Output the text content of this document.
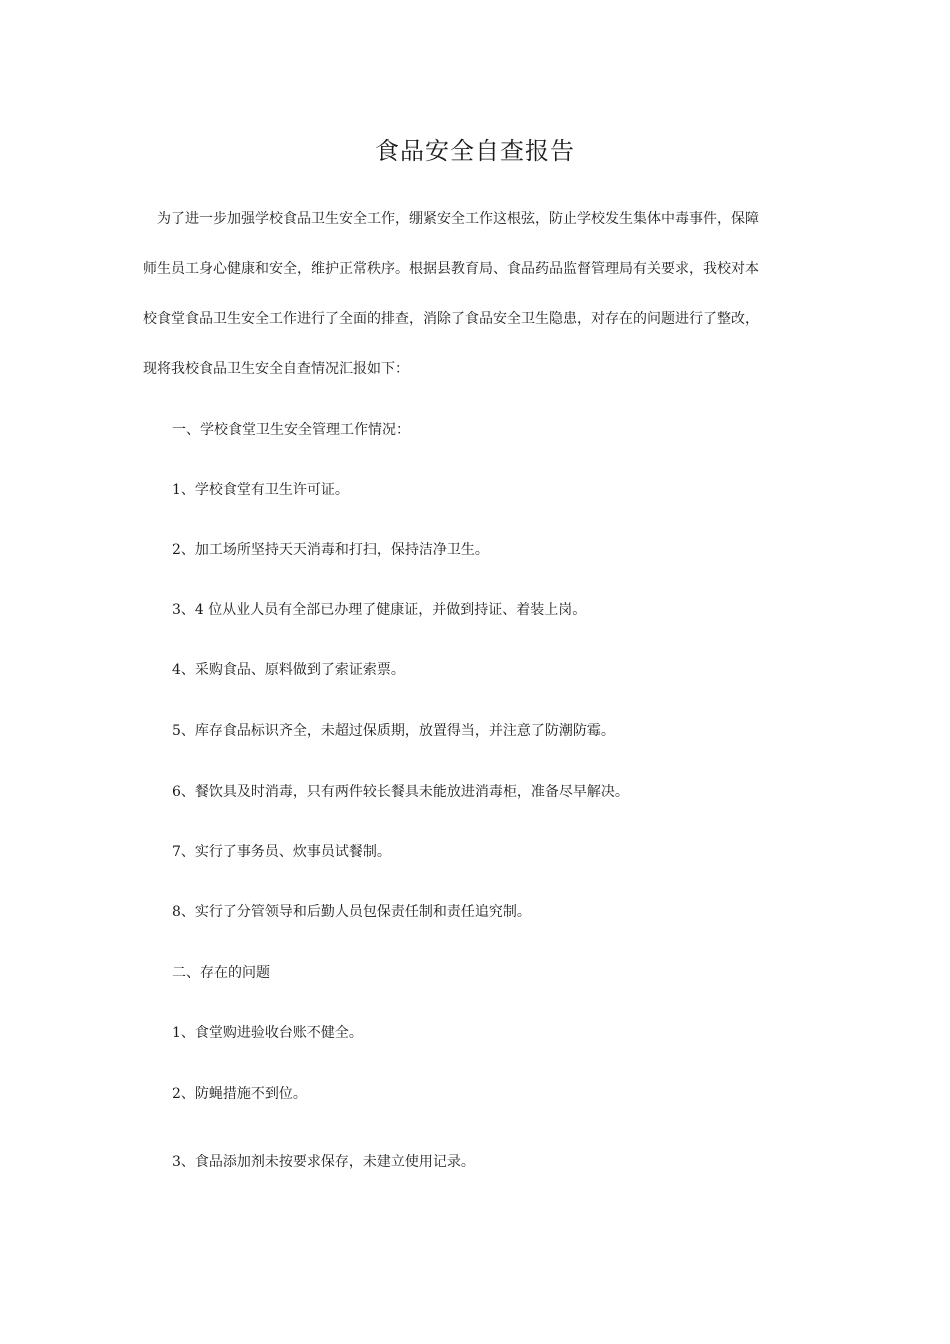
食品安全自查报告

为了进一步加强学校食品卫生安全工作，绷紧安全工作这根弦，防止学校发生集体中毒事件，保障

师生员工身心健康和安全，维护正常秩序。根据县教育局、食品药品监督管理局有关要求，我校对本

校食堂食品卫生安全工作进行了全面的排查，消除了食品安全卫生隐患，对存在的问题进行了整改，

现将我校食品卫生安全自查情况汇报如下：

一、学校食堂卫生安全管理工作情况：

1、学校食堂有卫生许可证。

2、加工场所坚持天天消毒和打扫，保持洁净卫生。

3、4 位从业人员有全部已办理了健康证，并做到持证、着装上岗。

4、采购食品、原料做到了索证索票。

5、库存食品标识齐全，未超过保质期，放置得当，并注意了防潮防霉。

6、餐饮具及时消毒，只有两件较长餐具未能放进消毒柜，准备尽早解决。

7、实行了事务员、炊事员试餐制。

8、实行了分管领导和后勤人员包保责任制和责任追究制。

二、存在的问题

1、食堂购进验收台账不健全。

2、防蝇措施不到位。

3、食品添加剂未按要求保存，未建立使用记录。
